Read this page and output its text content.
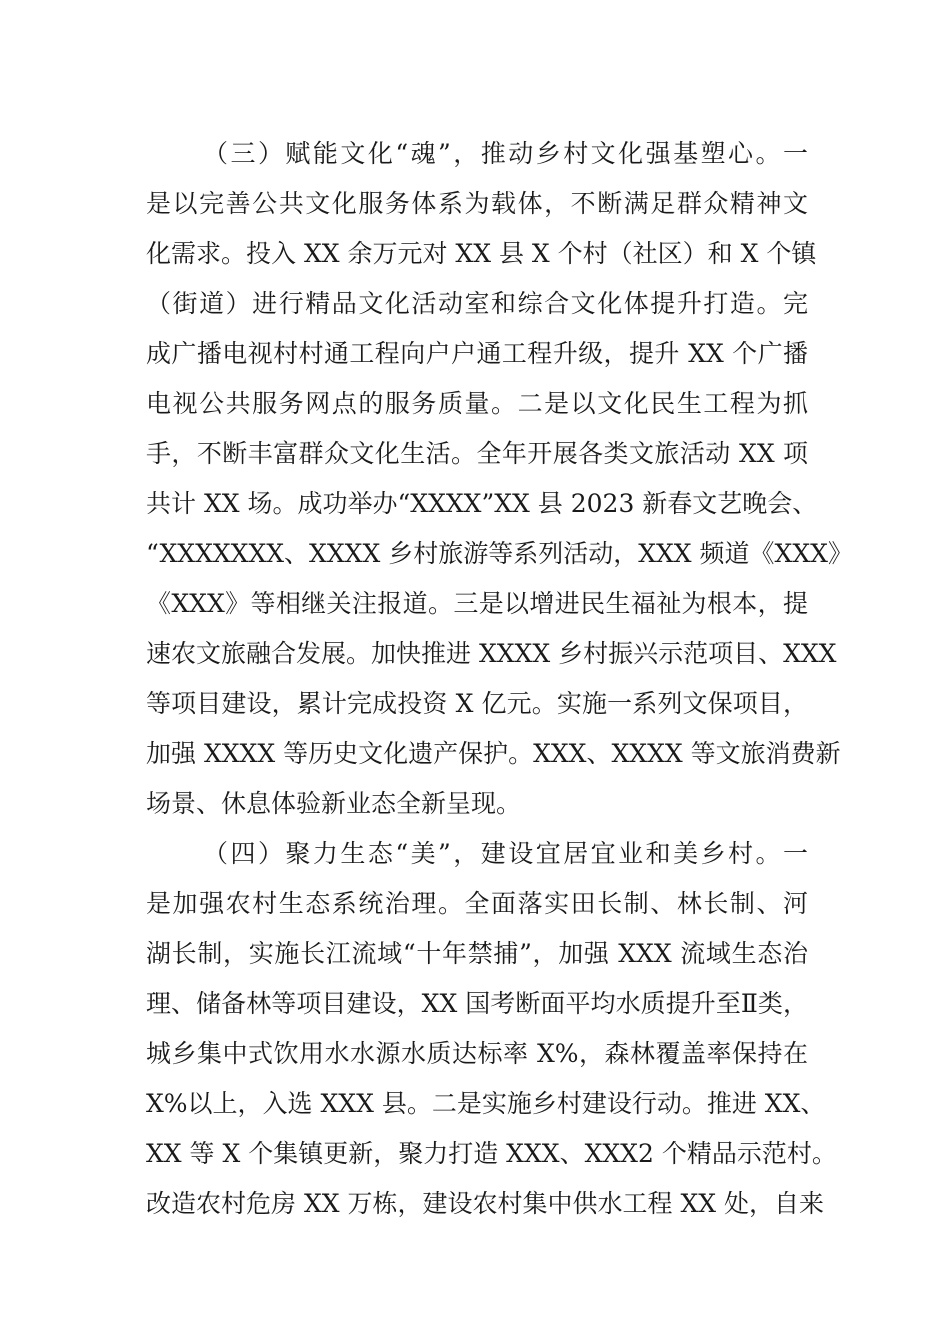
（三）赋能文化“魂”，推动乡村文化强基塑心。一
是以完善公共文化服务体系为载体，不断满足群众精神文
化需求。投入 XX 余万元对 XX 县 X 个村（社区）和 X 个镇
（街道）进行精品文化活动室和综合文化体提升打造。完
成广播电视村村通工程向户户通工程升级，提升 XX 个广播
电视公共服务网点的服务质量。二是以文化民生工程为抓
手，不断丰富群众文化生活。全年开展各类文旅活动 XX 项
共计 XX 场。成功举办“XXXX”XX 县 2023 新春文艺晚会、
“XXXXXXX、XXXX 乡村旅游等系列活动，XXX 频道《XXX》
《XXX》等相继关注报道。三是以增进民生福祉为根本，提
速农文旅融合发展。加快推进 XXXX 乡村振兴示范项目、XXX
等项目建设，累计完成投资 X 亿元。实施一系列文保项目，
加强 XXXX 等历史文化遗产保护。XXX、XXXX 等文旅消费新
场景、休息体验新业态全新呈现。
（四）聚力生态“美”，建设宜居宜业和美乡村。一
是加强农村生态系统治理。全面落实田长制、林长制、河
湖长制，实施长江流域“十年禁捕”，加强 XXX 流域生态治
理、储备林等项目建设，XX 国考断面平均水质提升至Ⅱ类，
城乡集中式饮用水水源水质达标率 X%，森林覆盖率保持在
X%以上，入选 XXX 县。二是实施乡村建设行动。推进 XX、
XX 等 X 个集镇更新，聚力打造 XXX、XXX2 个精品示范村。
改造农村危房 XX 万栋，建设农村集中供水工程 XX 处，自来
